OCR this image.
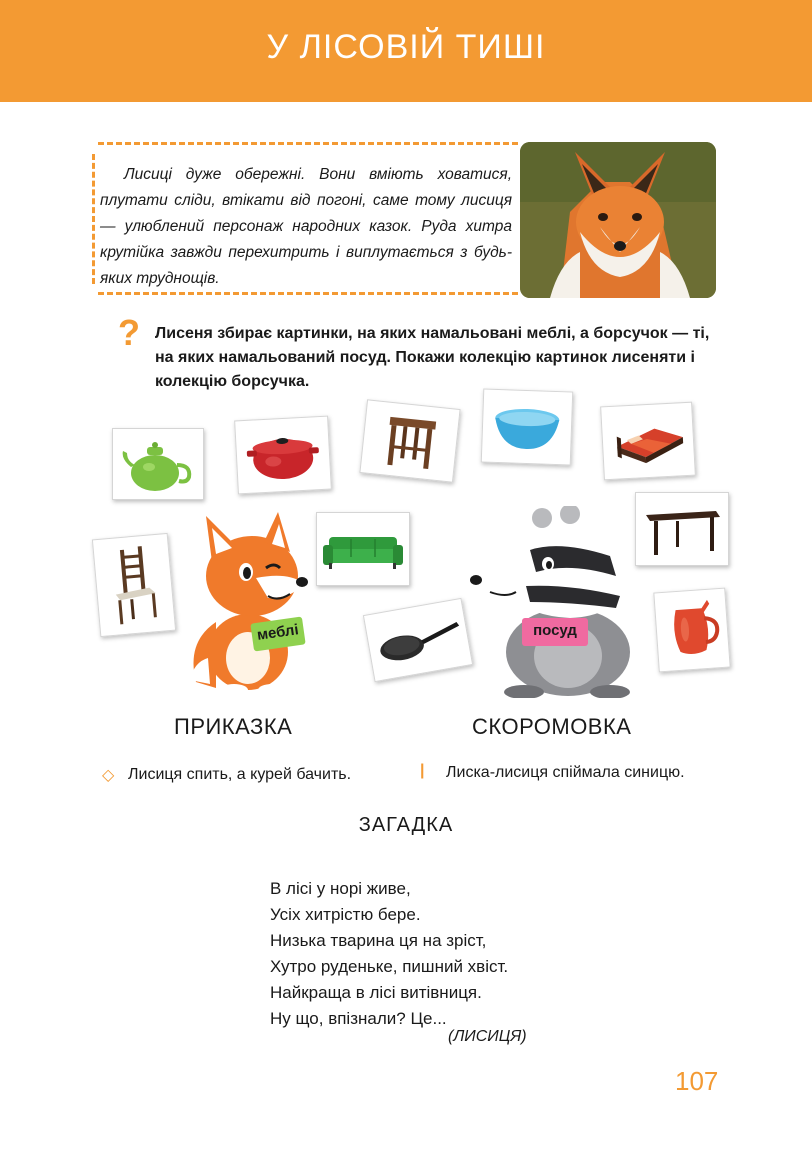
У ЛІСОВІЙ ТИШІ
Лисиці дуже обережні. Вони вміють ховатися, плутати сліди, втікати від погоні, саме тому лисиця — улюблений персонаж народних казок. Руда хитра крутійка завжди перехитрить і виплутається з будь-яких труднощів.
? Лисеня збирає картинки, на яких намальовані меблі, а борсучок — ті, на яких намальований посуд. Покажи колекцію картинок лисеняти і колекцію борсучка.
меблі	посуд
ПРИКАЗКА	СКОРОМОВКА
◇ Лисиця спить, а курей бачить.	| Лиска-лисиця спіймала синицю.
ЗАГАДКА
В лісі у норі живе,
Усіх хитрістю бере.
Низька тварина ця на зріст,
Хутро руденьке, пишний хвіст.
Найкраща в лісі витівниця.
Ну що, впізнали? Це...
(ЛИСИЦЯ)
107
